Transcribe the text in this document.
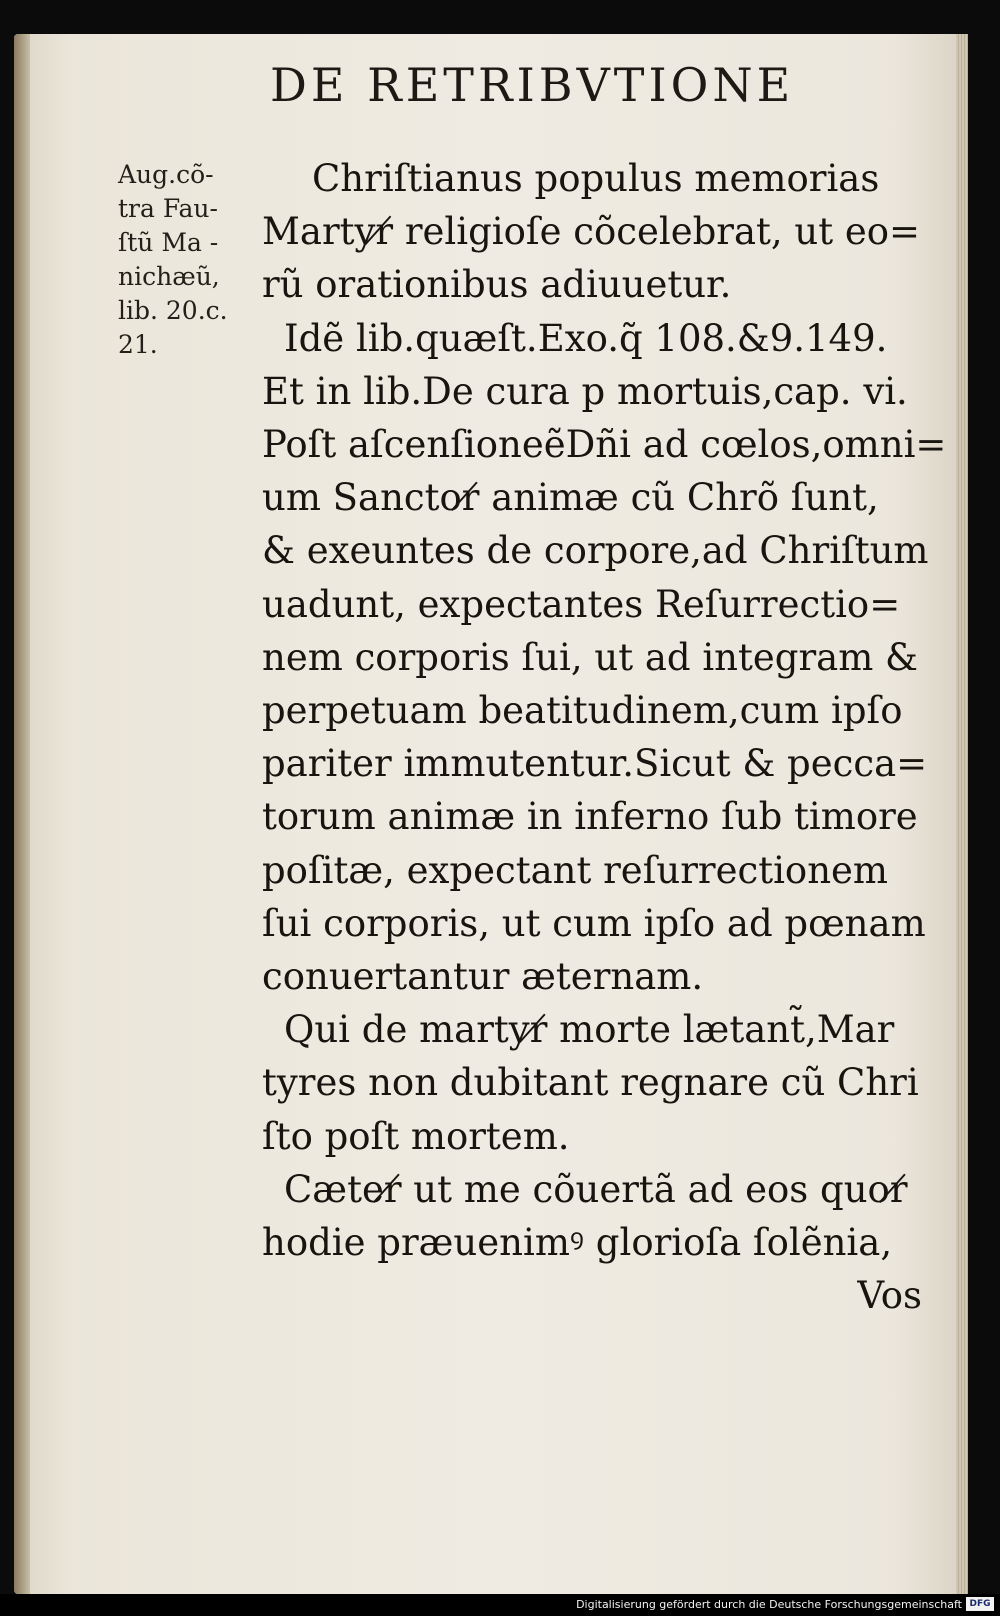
DE RETRIBVTIONE
Aug.cõ-
tra Fau-
ſtũ Ma -
nichæũ,
lib. 20.c.
21.
Chriſtianus populus memorias
Martyr̸ religioſe cõcelebrat, ut eo=
rũ orationibus adiuuetur.
Idẽ lib.quæſt.Exo.q̃ 108.&9.149.
Et in lib.De cura p mortuis,cap. vi.
Poſt aſcenſioneẽDñi ad cœlos,omni=
um Sanctor̸ animæ cũ Chrõ ſunt,
& exeuntes de corpore,ad Chriſtum
uadunt, expectantes Reſurrectio=
nem corporis ſui, ut ad integram &
perpetuam beatitudinem,cum ipſo
pariter immutentur.Sicut & pecca=
torum animæ in inferno ſub timore
poſitæ, expectant reſurrectionem
ſui corporis, ut cum ipſo ad pœnam
conuertantur æternam.
Qui de martyr̸ morte lætant̃,Mar
tyres non dubitant regnare cũ Chri
ſto poſt mortem.
Cæter̸ ut me cõuertã ad eos quor̸
hodie præuenimꝰ glorioſa ſolẽnia,
Vos
Digitalisierung gefördert durch die Deutsche Forschungsgemeinschaft DFG
